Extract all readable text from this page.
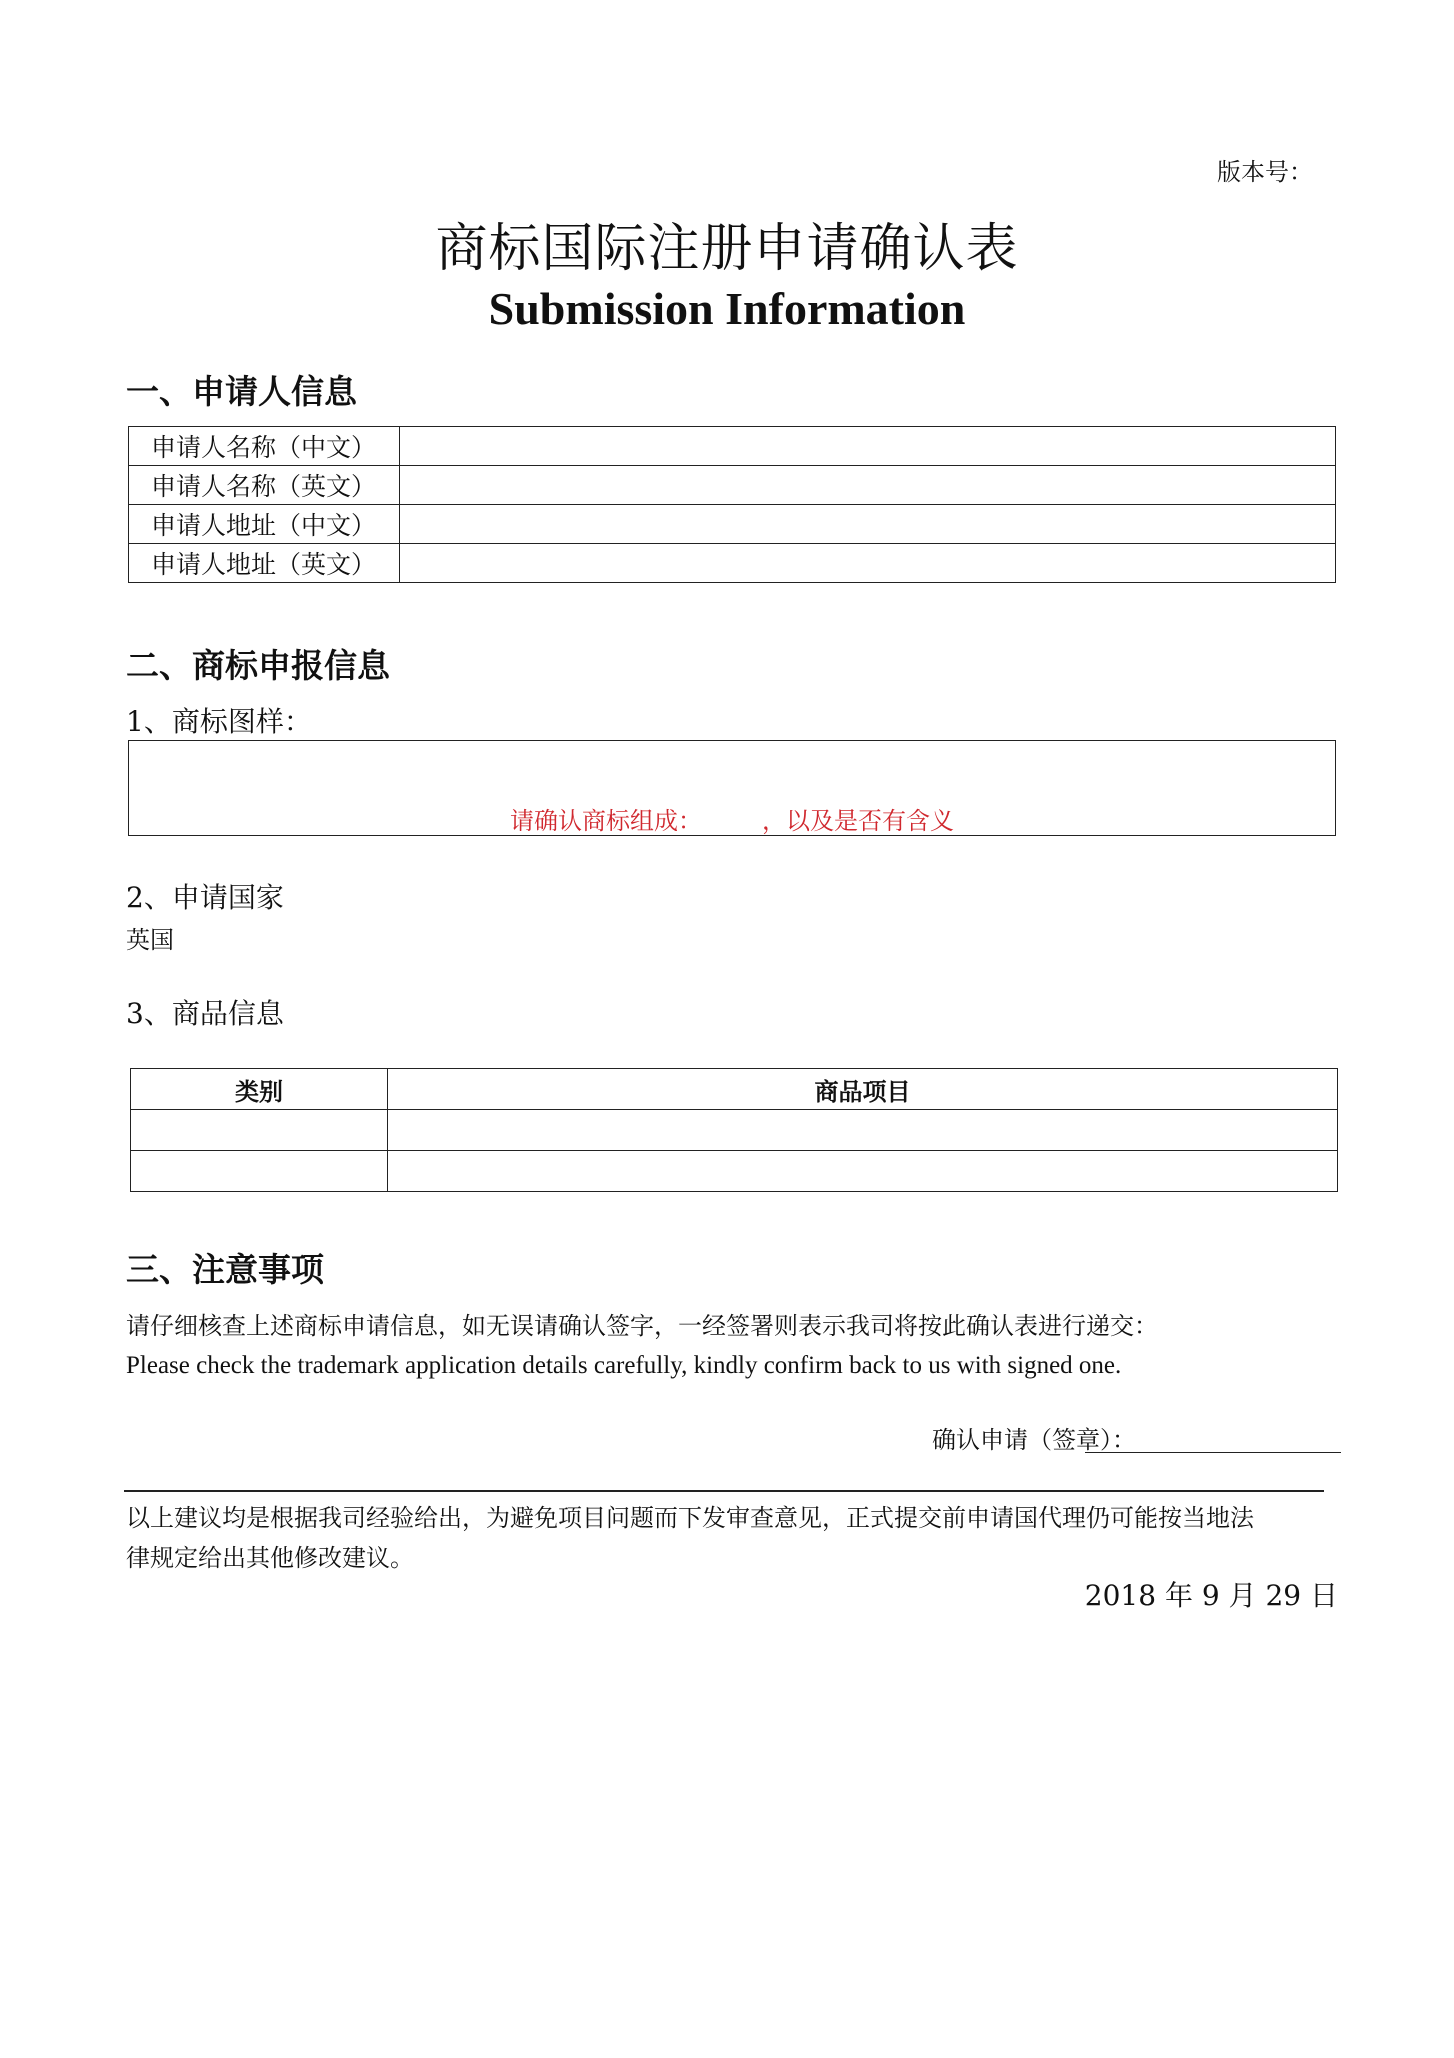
版本号：
商标国际注册申请确认表
Submission Information
一、申请人信息
申请人名称（中文）	
申请人名称（英文）	
申请人地址（中文）	
申请人地址（英文）	
二、商标申报信息
1、商标图样：
请确认商标组成：　　　，以及是否有含义
2、申请国家
英国
3、商品信息
类别	商品项目

三、注意事项
请仔细核查上述商标申请信息，如无误请确认签字，一经签署则表示我司将按此确认表进行递交：
Please check the trademark application details carefully, kindly confirm back to us with signed one.
确认申请（签章）：
以上建议均是根据我司经验给出，为避免项目问题而下发审查意见，正式提交前申请国代理仍可能按当地法
律规定给出其他修改建议。
2018 年 9 月 29 日
